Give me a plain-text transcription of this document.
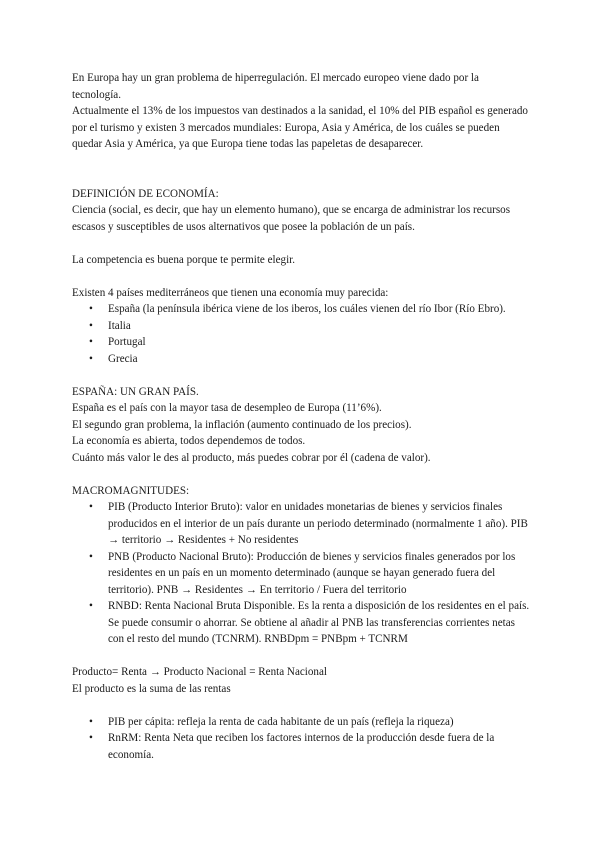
En Europa hay un gran problema de hiperregulación. El mercado europeo viene dado por la tecnología.

Actualmente el 13% de los impuestos van destinados a la sanidad, el 10% del PIB español es generado por el turismo y existen 3 mercados mundiales: Europa, Asia y América, de los cuáles se pueden quedar Asia y América, ya que Europa tiene todas las papeletas de desaparecer.

DEFINICIÓN DE ECONOMÍA:

Ciencia (social, es decir, que hay un elemento humano), que se encarga de administrar los recursos escasos y susceptibles de usos alternativos que posee la población de un país.

La competencia es buena porque te permite elegir.

Existen 4 países mediterráneos que tienen una economía muy parecida:

• España (la península ibérica viene de los iberos, los cuáles vienen del río Ibor (Río Ebro).
• Italia
• Portugal
• Grecia

ESPAÑA: UN GRAN PAÍS.

España es el país con la mayor tasa de desempleo de Europa (11’6%).

El segundo gran problema, la inflación (aumento continuado de los precios).

La economía es abierta, todos dependemos de todos.

Cuánto más valor le des al producto, más puedes cobrar por él (cadena de valor).

MACROMAGNITUDES:

• PIB (Producto Interior Bruto): valor en unidades monetarias de bienes y servicios finales producidos en el interior de un país durante un periodo determinado (normalmente 1 año). PIB → territorio → Residentes + No residentes
• PNB (Producto Nacional Bruto): Producción de bienes y servicios finales generados por los residentes en un país en un momento determinado (aunque se hayan generado fuera del territorio). PNB → Residentes → En territorio / Fuera del territorio
• RNBD: Renta Nacional Bruta Disponible. Es la renta a disposición de los residentes en el país. Se puede consumir o ahorrar. Se obtiene al añadir al PNB las transferencias corrientes netas con el resto del mundo (TCNRM). RNBDpm = PNBpm + TCNRM

Producto= Renta → Producto Nacional = Renta Nacional

El producto es la suma de las rentas

• PIB per cápita: refleja la renta de cada habitante de un país (refleja la riqueza)
• RnRM: Renta Neta que reciben los factores internos de la producción desde fuera de la economía.
